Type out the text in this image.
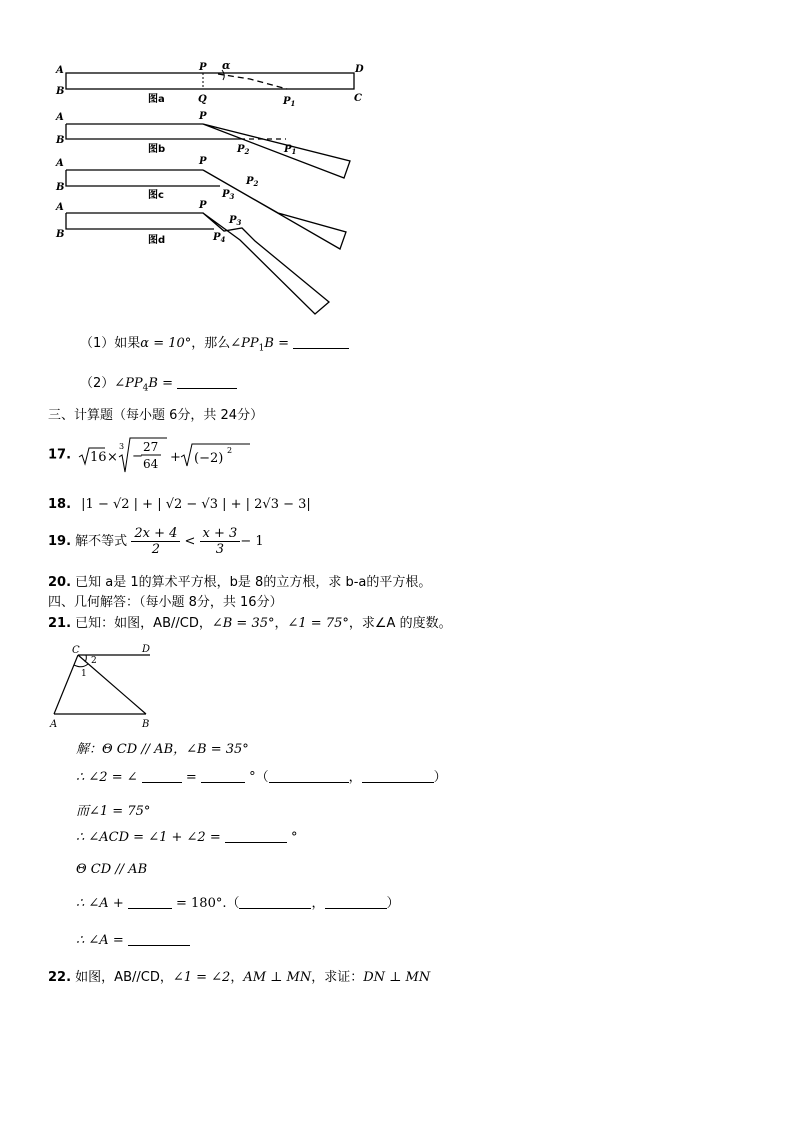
A
B
P α	D
Q	$P_1$	C
图a
A
B
P
$P_2$	$P_1$
图b
A
B
P
$P_2$
$P_3$
图c
A
B
P
$P_3$
$P_4$
图d
（1）如果α = 10°，那么$\angle PP_1B$ =
$(2)\angle PP_4B$ =
三、计算题（每小题 6分，共 24分）
17. 16 ×
3
−
27
64 + (−2)
2
18. |1 − √2 | + | √2 − √3 | + | 2√3 − 3|
19. 解不等式 $\frac{2x + 4}{2} < \frac{x + 3}{3} - 1$
20. 已知 a是 1的算术平方根，b是 8的立方根，求 b-a的平方根。
四、几何解答：（每小题 8分，共 16分）
21. 已知：如图，AB//CD，∠B = 35°，∠1 = 75°，求∠A 的度数。
C	D
1
2
A	B
解：Θ CD // AB，∠B = 35°
∴ ∠2 = ∠	=	°（	，	）
而∠1 = 75°
∴ ∠ACD = ∠1 + ∠2 =	°
Θ CD // AB
∴ ∠A +	= 180°.（	，	）
∴ ∠A =
22. 如图，AB//CD，∠1 = ∠2，AM ⊥ MN，求证：DN ⊥ MN
